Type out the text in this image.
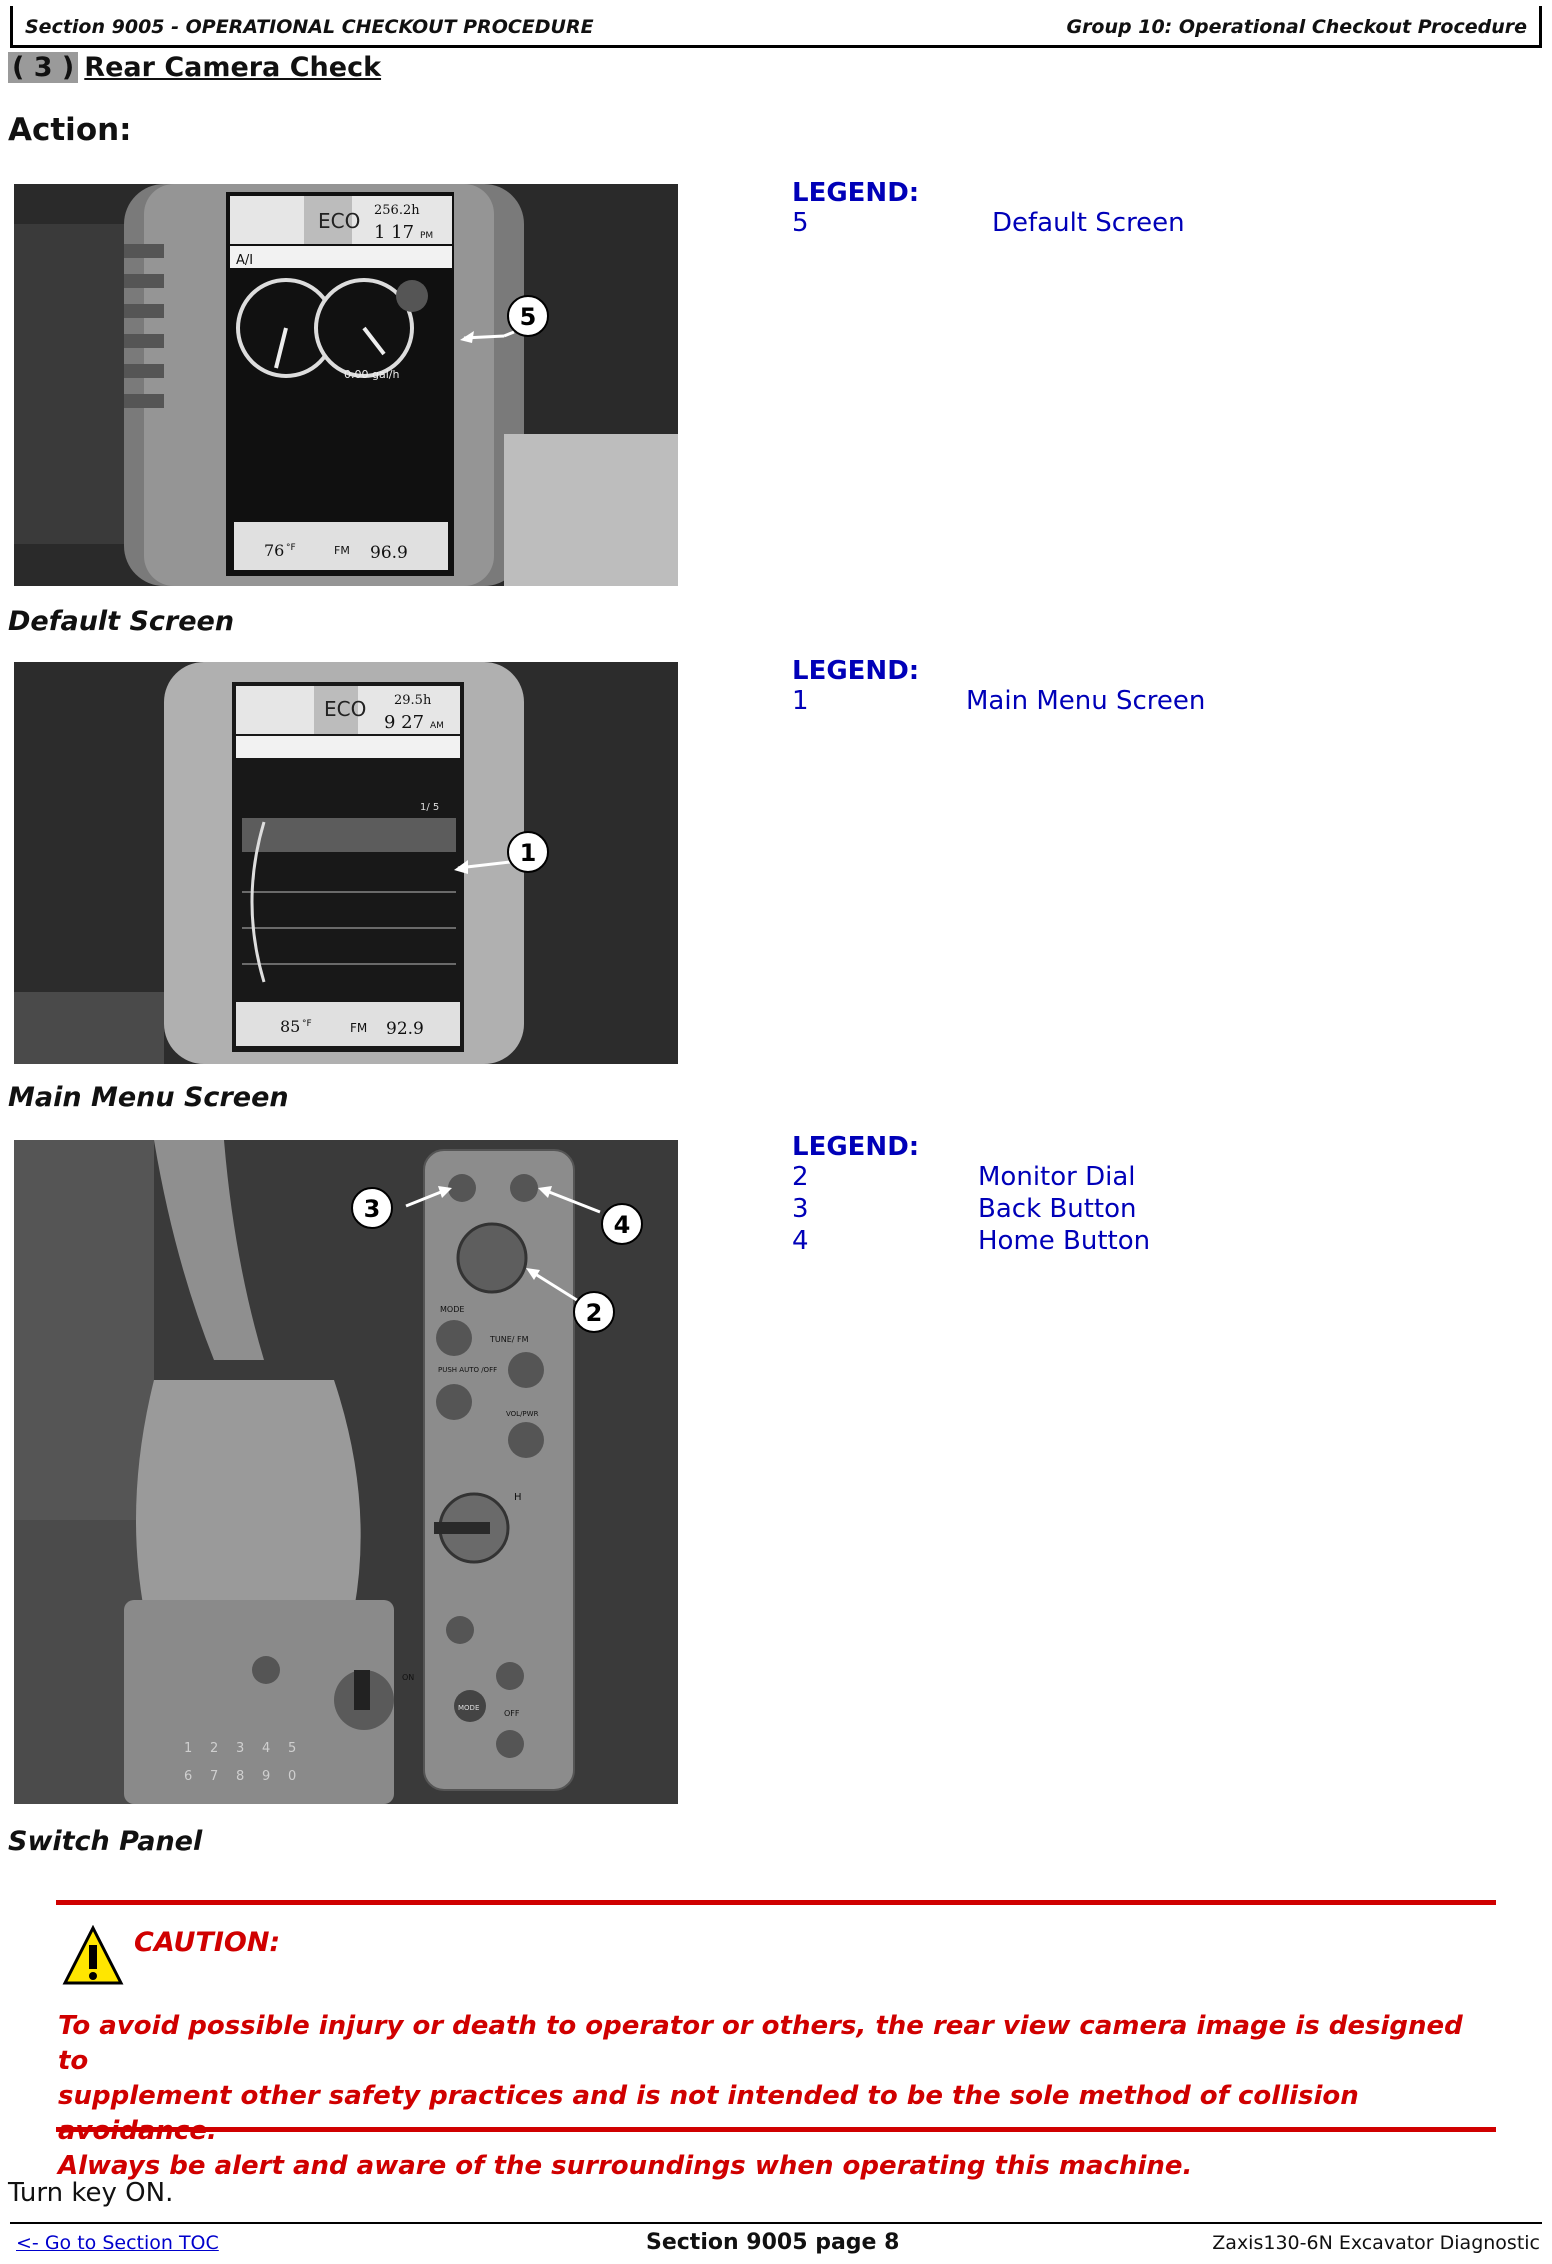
Section 9005 - OPERATIONAL CHECKOUT PROCEDURE	Group 10: Operational Checkout Procedure
( 3 ) Rear Camera Check
Action:
ECO 256.2h
1 17 PM
A/I
0.00 gal/h
76 °F	FM 96.9
5
Default Screen
LEGEND:
5	Default Screen
ECO 29.5h
9 27 AM
1/ 5
85 °F	FM 92.9
1
Main Menu Screen
LEGEND:
1	Main Menu Screen
MODE
TUNE/ FM
PUSH AUTO /OFF
VOL/PWR
H
MODE
OFF
ON
1 2 3 4 5
6 7 8 9 0
3
4
2
Switch Panel
LEGEND:
2	Monitor Dial
3	Back Button
4	Home Button
CAUTION:
To avoid possible injury or death to operator or others, the rear view camera image is designed to
supplement other safety practices and is not intended to be the sole method of collision avoidance.
Always be alert and aware of the surroundings when operating this machine.
Turn key ON.
<- Go to Section TOC	Section 9005 page 8	Zaxis130-6N Excavator Diagnostic
